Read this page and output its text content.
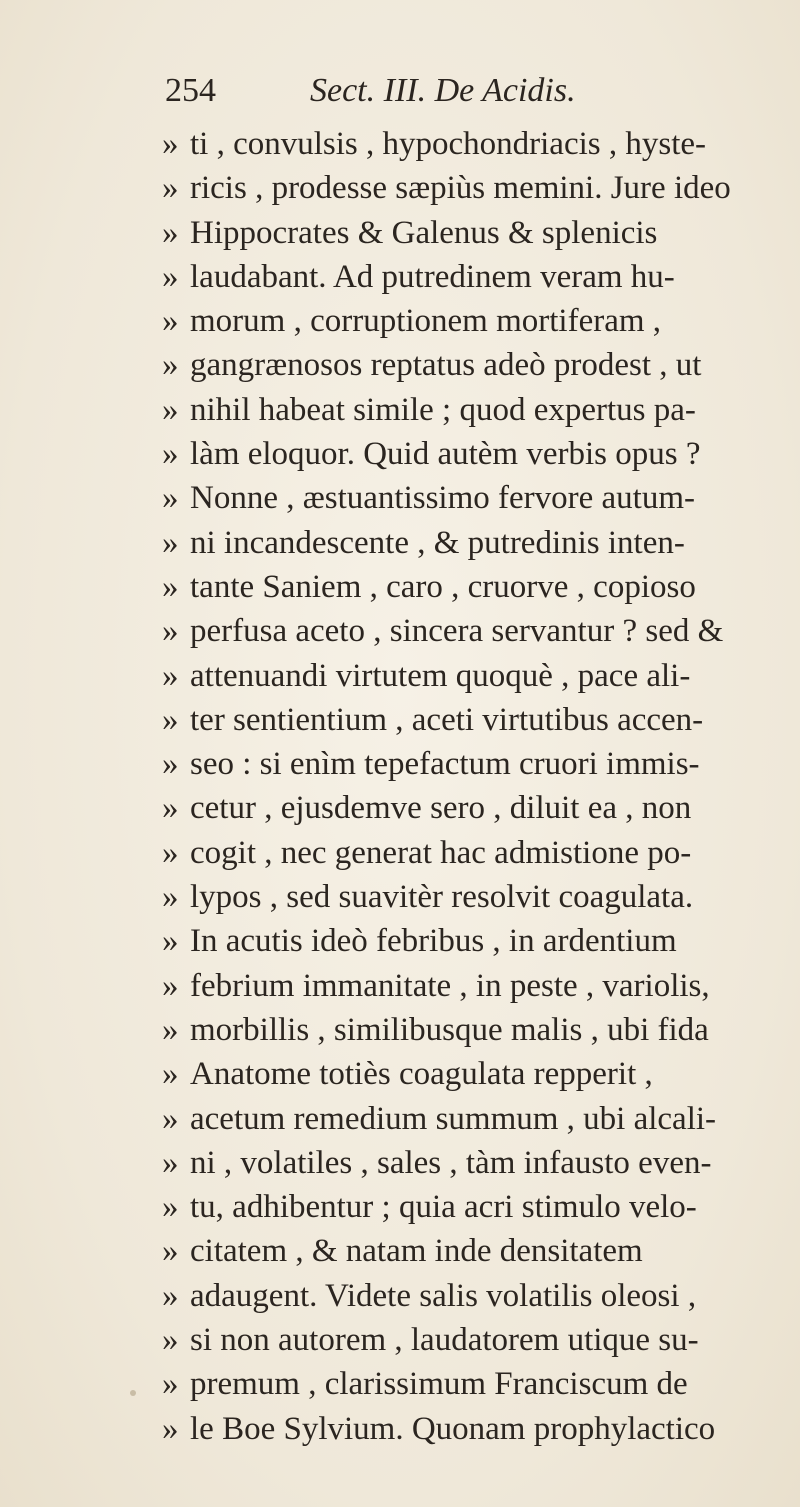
254	Sect. III. De Acidis.
» ti , convulsis , hypochondriacis , hyste-
» ricis , prodesse sæpiùs memini. Jure ideo
» Hippocrates & Galenus & splenicis
» laudabant. Ad putredinem veram hu-
» morum , corruptionem mortiferam ,
» gangrænosos reptatus adeò prodest , ut
» nihil habeat simile ; quod expertus pa-
» làm eloquor. Quid autèm verbis opus ?
» Nonne , æstuantissimo fervore autum-
» ni incandescente , & putredinis inten-
» tante Saniem , caro , cruorve , copioso
» perfusa aceto , sincera servantur ? sed &
» attenuandi virtutem quoquè , pace ali-
» ter sentientium , aceti virtutibus accen-
» seo : si enìm tepefactum cruori immis-
» cetur , ejusdemve sero , diluit ea , non
» cogit , nec generat hac admistione po-
» lypos , sed suavitèr resolvit coagulata.
» In acutis ideò febribus , in ardentium
» febrium immanitate , in peste , variolis,
» morbillis , similibusque malis , ubi fida
» Anatome totiès coagulata repperit ,
» acetum remedium summum , ubi alcali-
» ni , volatiles , sales , tàm infausto even-
» tu, adhibentur ; quia acri stimulo velo-
» citatem , & natam inde densitatem
» adaugent. Videte salis volatilis oleosi ,
» si non autorem , laudatorem utique su-
» premum , clarissimum Franciscum de
» le Boe Sylvium. Quonam prophylactico
